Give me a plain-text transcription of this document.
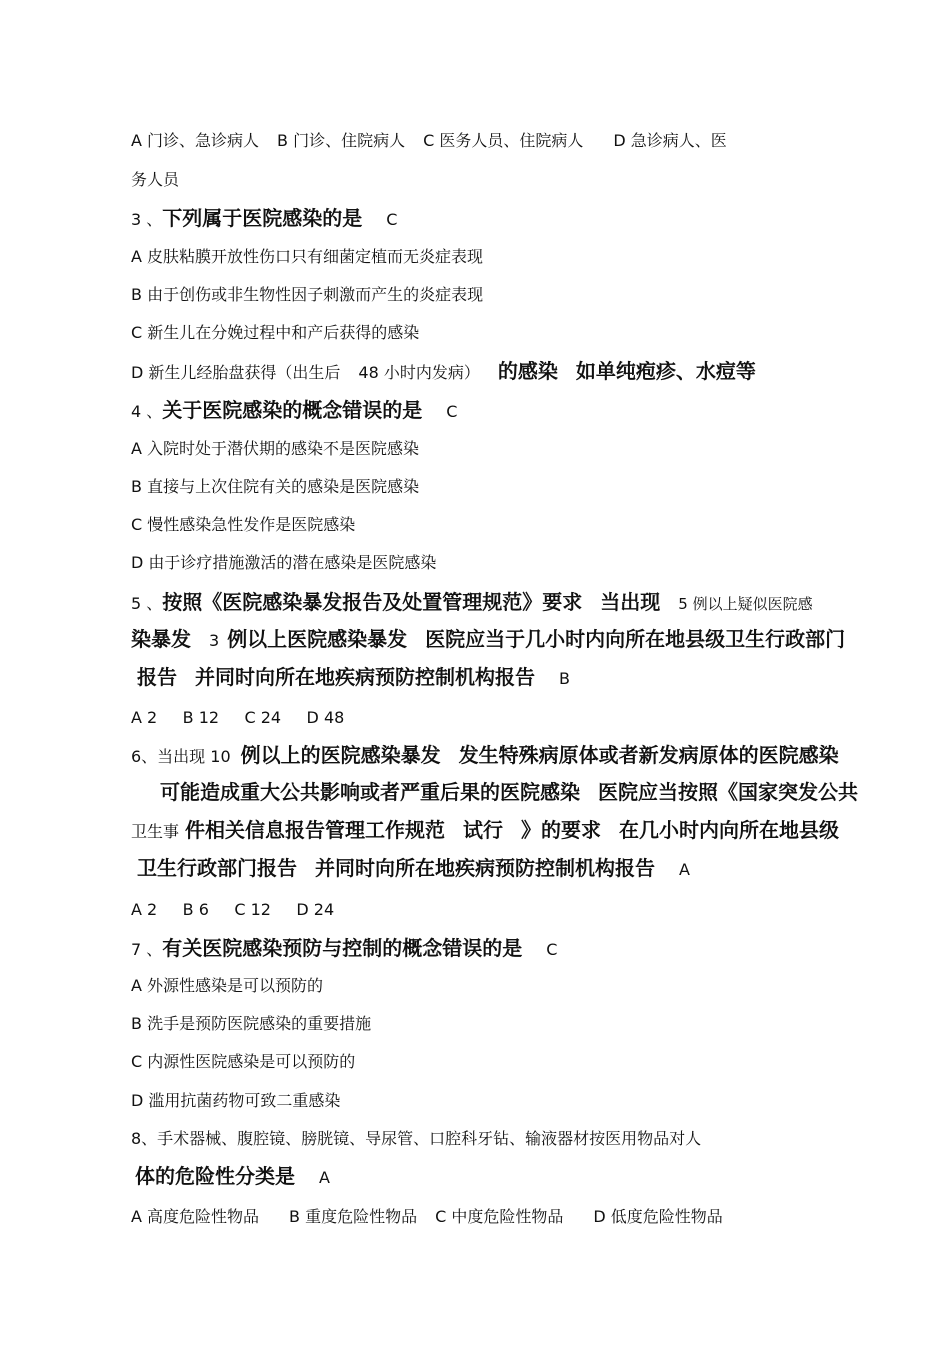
A 门诊、急诊病人 B 门诊、住院病人 C 医务人员、住院病人 D 急诊病人、医
务人员
3 、下列属于医院感染的是 C
A 皮肤粘膜开放性伤口只有细菌定植而无炎症表现
B 由于创伤或非生物性因子刺激而产生的炎症表现
C 新生儿在分娩过程中和产后获得的感染
D 新生儿经胎盘获得（出生后 48 小时内发病） 的感染 如单纯疱疹、水痘等
4 、关于医院感染的概念错误的是 C
A 入院时处于潜伏期的感染不是医院感染
B 直接与上次住院有关的感染是医院感染
C 慢性感染急性发作是医院感染
D 由于诊疗措施激活的潜在感染是医院感染
5 、按照《医院感染暴发报告及处置管理规范》要求 当出现 5 例以上疑似医院感
染暴发 3 例以上医院感染暴发 医院应当于几小时内向所在地县级卫生行政部门
报告 并同时向所在地疾病预防控制机构报告 B
A 2     B 12     C 24     D 48
6、当出现 10 例以上的医院感染暴发 发生特殊病原体或者新发病原体的医院感染
可能造成重大公共影响或者严重后果的医院感染 医院应当按照《国家突发公共
卫生事 件相关信息报告管理工作规范 试行 》的要求 在几小时内向所在地县级
卫生行政部门报告 并同时向所在地疾病预防控制机构报告 A
A 2     B 6     C 12     D 24
7 、有关医院感染预防与控制的概念错误的是 C
A 外源性感染是可以预防的
B 洗手是预防医院感染的重要措施
C 内源性医院感染是可以预防的
D 滥用抗菌药物可致二重感染
8、手术器械、腹腔镜、膀胱镜、导尿管、口腔科牙钻、输液器材按医用物品对人
体的危险性分类是 A
A 高度危险性物品 B 重度危险性物品 C 中度危险性物品 D 低度危险性物品
